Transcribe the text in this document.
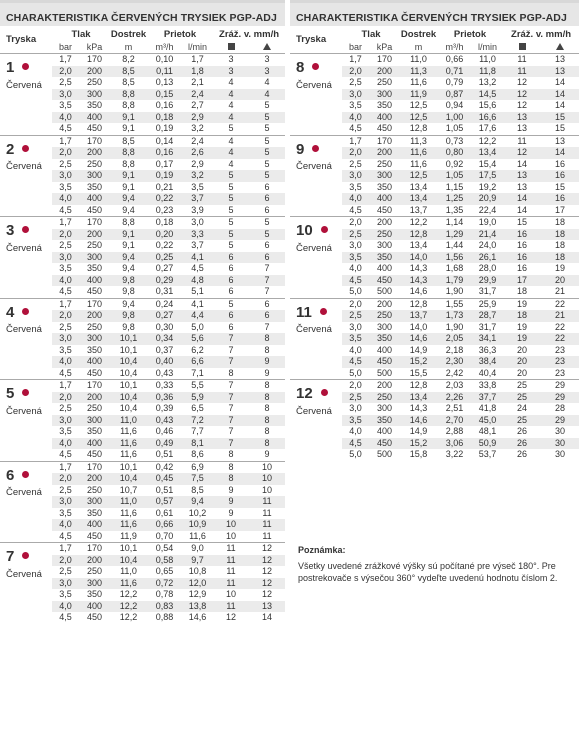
CHARAKTERISTIKA ČERVENÝCH TRYSIEK PGP-ADJ
Tryska	Tlak		Dostrek	Prietok		Zráž. v. mm/h	
	bar	kPa	m	m³/h	l/min		
1
Červená	1,7	170	8,2	0,10	1,7	3	3
	2,0	200	8,5	0,11	1,8	3	3
	2,5	250	8,5	0,13	2,1	4	4
	3,0	300	8,8	0,15	2,4	4	4
	3,5	350	8,8	0,16	2,7	4	5
	4,0	400	9,1	0,18	2,9	4	5
	4,5	450	9,1	0,19	3,2	5	5
2
Červená	1,7	170	8,5	0,14	2,4	4	5
	2,0	200	8,8	0,16	2,6	4	5
	2,5	250	8,8	0,17	2,9	4	5
	3,0	300	9,1	0,19	3,2	5	5
	3,5	350	9,1	0,21	3,5	5	6
	4,0	400	9,4	0,22	3,7	5	6
	4,5	450	9,4	0,23	3,9	5	6
3
Červená	1,7	170	8,8	0,18	3,0	5	5
	2,0	200	9,1	0,20	3,3	5	5
	2,5	250	9,1	0,22	3,7	5	6
	3,0	300	9,4	0,25	4,1	6	6
	3,5	350	9,4	0,27	4,5	6	7
	4,0	400	9,8	0,29	4,8	6	7
	4,5	450	9,8	0,31	5,1	6	7
4
Červená	1,7	170	9,4	0,24	4,1	5	6
	2,0	200	9,8	0,27	4,4	6	6
	2,5	250	9,8	0,30	5,0	6	7
	3,0	300	10,1	0,34	5,6	7	8
	3,5	350	10,1	0,37	6,2	7	8
	4,0	400	10,4	0,40	6,6	7	9
	4,5	450	10,4	0,43	7,1	8	9
5
Červená	1,7	170	10,1	0,33	5,5	7	8
	2,0	200	10,4	0,36	5,9	7	8
	2,5	250	10,4	0,39	6,5	7	8
	3,0	300	11,0	0,43	7,2	7	8
	3,5	350	11,6	0,46	7,7	7	8
	4,0	400	11,6	0,49	8,1	7	8
	4,5	450	11,6	0,51	8,6	8	9
6
Červená	1,7	170	10,1	0,42	6,9	8	10
	2,0	200	10,4	0,45	7,5	8	10
	2,5	250	10,7	0,51	8,5	9	10
	3,0	300	11,0	0,57	9,4	9	11
	3,5	350	11,6	0,61	10,2	9	11
	4,0	400	11,6	0,66	10,9	10	11
	4,5	450	11,9	0,70	11,6	10	11
7
Červená	1,7	170	10,1	0,54	9,0	11	12
	2,0	200	10,4	0,58	9,7	11	12
	2,5	250	11,0	0,65	10,8	11	12
	3,0	300	11,6	0,72	12,0	11	12
	3,5	350	12,2	0,78	12,9	10	12
	4,0	400	12,2	0,83	13,8	11	13
	4,5	450	12,2	0,88	14,6	12	14
CHARAKTERISTIKA ČERVENÝCH TRYSIEK PGP-ADJ
Tryska	Tlak		Dostrek	Prietok		Zráž. v. mm/h	
	bar	kPa	m	m³/h	l/min		
8
Červená	1,7	170	11,0	0,66	11,0	11	13
	2,0	200	11,3	0,71	11,8	11	13
	2,5	250	11,6	0,79	13,2	12	14
	3,0	300	11,9	0,87	14,5	12	14
	3,5	350	12,5	0,94	15,6	12	14
	4,0	400	12,5	1,00	16,6	13	15
	4,5	450	12,8	1,05	17,6	13	15
9
Červená	1,7	170	11,3	0,73	12,2	11	13
	2,0	200	11,6	0,80	13,4	12	14
	2,5	250	11,6	0,92	15,4	14	16
	3,0	300	12,5	1,05	17,5	13	16
	3,5	350	13,4	1,15	19,2	13	15
	4,0	400	13,4	1,25	20,9	14	16
	4,5	450	13,7	1,35	22,4	14	17
10
Červená	2,0	200	12,2	1,14	19,0	15	18
	2,5	250	12,8	1,29	21,4	16	18
	3,0	300	13,4	1,44	24,0	16	18
	3,5	350	14,0	1,56	26,1	16	18
	4,0	400	14,3	1,68	28,0	16	19
	4,5	450	14,3	1,79	29,9	17	20
	5,0	500	14,6	1,90	31,7	18	21
11
Červená	2,0	200	12,8	1,55	25,9	19	22
	2,5	250	13,7	1,73	28,7	18	21
	3,0	300	14,0	1,90	31,7	19	22
	3,5	350	14,6	2,05	34,1	19	22
	4,0	400	14,9	2,18	36,3	20	23
	4,5	450	15,2	2,30	38,4	20	23
	5,0	500	15,5	2,42	40,4	20	23
12
Červená	2,0	200	12,8	2,03	33,8	25	29
	2,5	250	13,4	2,26	37,7	25	29
	3,0	300	14,3	2,51	41,8	24	28
	3,5	350	14,6	2,70	45,0	25	29
	4,0	400	14,9	2,88	48,1	26	30
	4,5	450	15,2	3,06	50,9	26	30
	5,0	500	15,8	3,22	53,7	26	30
Poznámka:
Všetky uvedené zrážkové výšky sú počítané pre výseč 180°. Pre postrekovače s výsečou 360° vydeľte uvedenú hodnotu číslom 2.
